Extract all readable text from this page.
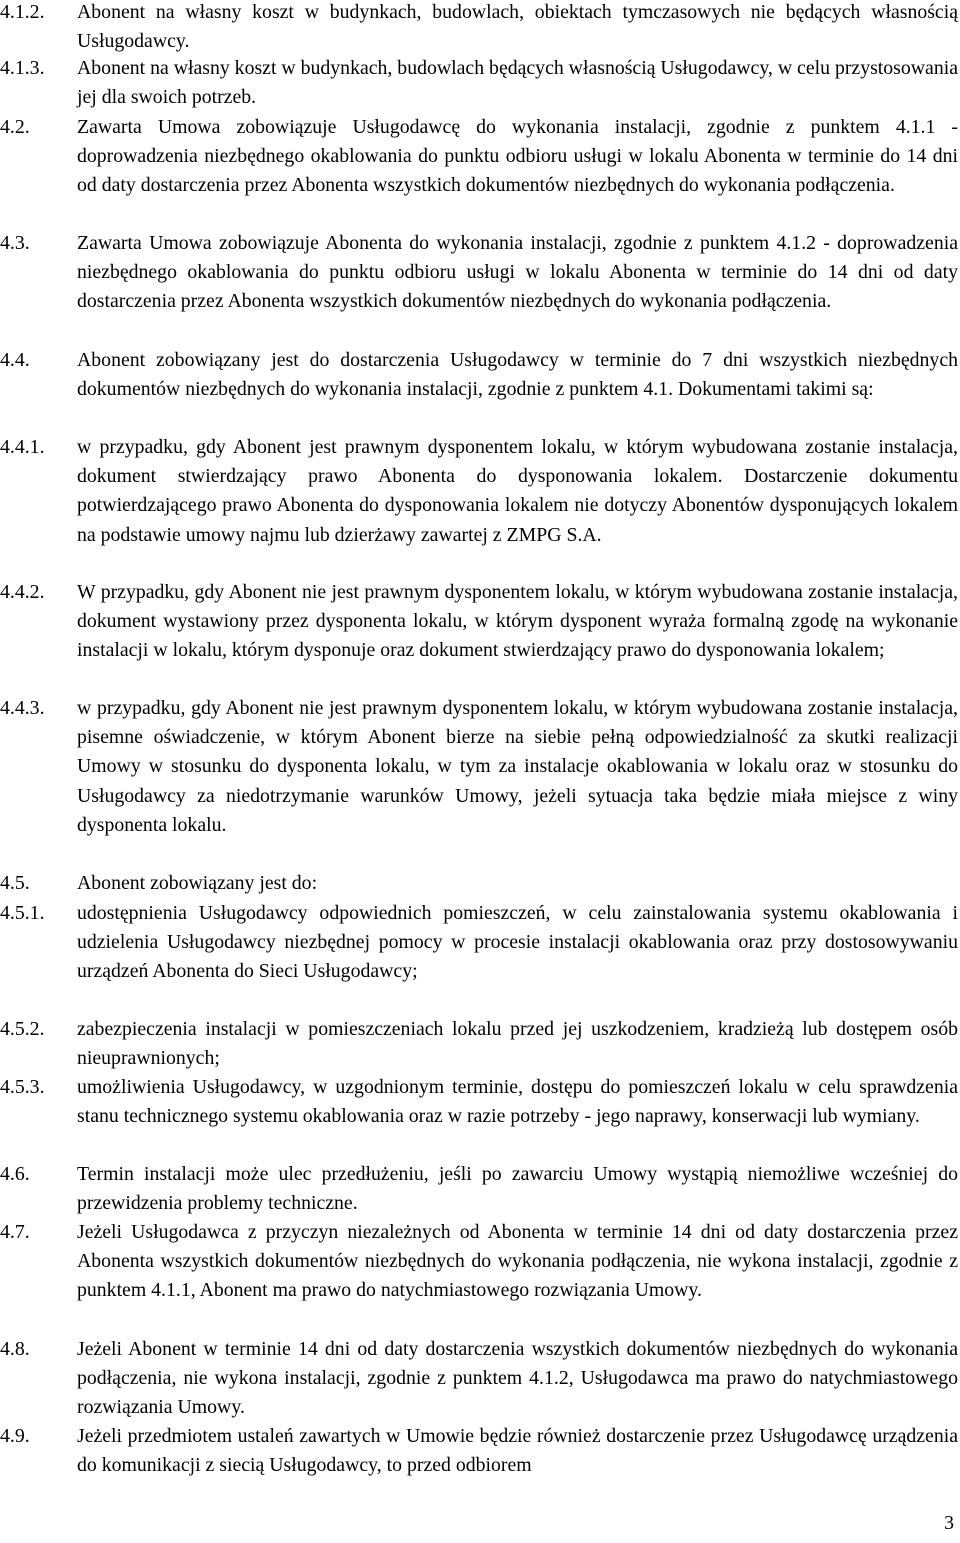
4.1.2. Abonent na własny koszt w budynkach, budowlach, obiektach tymczasowych nie będących własnością Usługodawcy.
4.1.3. Abonent na własny koszt w budynkach, budowlach będących własnością Usługodawcy, w celu przystosowania jej dla swoich potrzeb.
4.2. Zawarta Umowa zobowiązuje Usługodawcę do wykonania instalacji, zgodnie z punktem 4.1.1 - doprowadzenia niezbędnego okablowania do punktu odbioru usługi w lokalu Abonenta w terminie do 14 dni od daty dostarczenia przez Abonenta wszystkich dokumentów niezbędnych do wykonania podłączenia.
4.3. Zawarta Umowa zobowiązuje Abonenta do wykonania instalacji, zgodnie z punktem 4.1.2 - doprowadzenia niezbędnego okablowania do punktu odbioru usługi w lokalu Abonenta w terminie do 14 dni od daty dostarczenia przez Abonenta wszystkich dokumentów niezbędnych do wykonania podłączenia.
4.4. Abonent zobowiązany jest do dostarczenia Usługodawcy w terminie do 7 dni wszystkich niezbędnych dokumentów niezbędnych do wykonania instalacji, zgodnie z punktem 4.1. Dokumentami takimi są:
4.4.1. w przypadku, gdy Abonent jest prawnym dysponentem lokalu, w którym wybudowana zostanie instalacja, dokument stwierdzający prawo Abonenta do dysponowania lokalem. Dostarczenie dokumentu potwierdzającego prawo Abonenta do dysponowania lokalem nie dotyczy Abonentów dysponujących lokalem na podstawie umowy najmu lub dzierżawy zawartej z ZMPG S.A.
4.4.2. W przypadku, gdy Abonent nie jest prawnym dysponentem lokalu, w którym wybudowana zostanie instalacja, dokument wystawiony przez dysponenta lokalu, w którym dysponent wyraża formalną zgodę na wykonanie instalacji w lokalu, którym dysponuje oraz dokument stwierdzający prawo do dysponowania lokalem;
4.4.3. w przypadku, gdy Abonent nie jest prawnym dysponentem lokalu, w którym wybudowana zostanie instalacja, pisemne oświadczenie, w którym Abonent bierze na siebie pełną odpowiedzialność za skutki realizacji Umowy w stosunku do dysponenta lokalu, w tym za instalacje okablowania w lokalu oraz w stosunku do Usługodawcy za niedotrzymanie warunków Umowy, jeżeli sytuacja taka będzie miała miejsce z winy dysponenta lokalu.
4.5. Abonent zobowiązany jest do:
4.5.1. udostępnienia Usługodawcy odpowiednich pomieszczeń, w celu zainstalowania systemu okablowania i udzielenia Usługodawcy niezbędnej pomocy w procesie instalacji okablowania oraz przy dostosowywaniu urządzeń Abonenta do Sieci Usługodawcy;
4.5.2. zabezpieczenia instalacji w pomieszczeniach lokalu przed jej uszkodzeniem, kradzieżą lub dostępem osób nieuprawnionych;
4.5.3. umożliwienia Usługodawcy, w uzgodnionym terminie, dostępu do pomieszczeń lokalu w celu sprawdzenia stanu technicznego systemu okablowania oraz w razie potrzeby - jego naprawy, konserwacji lub wymiany.
4.6. Termin instalacji może ulec przedłużeniu, jeśli po zawarciu Umowy wystąpią niemożliwe wcześniej do przewidzenia problemy techniczne.
4.7. Jeżeli Usługodawca z przyczyn niezależnych od Abonenta w terminie 14 dni od daty dostarczenia przez Abonenta wszystkich dokumentów niezbędnych do wykonania podłączenia, nie wykona instalacji, zgodnie z punktem 4.1.1, Abonent ma prawo do natychmiastowego rozwiązania Umowy.
4.8. Jeżeli Abonent w terminie 14 dni od daty dostarczenia wszystkich dokumentów niezbędnych do wykonania podłączenia, nie wykona instalacji, zgodnie z punktem 4.1.2, Usługodawca ma prawo do natychmiastowego rozwiązania Umowy.
4.9. Jeżeli przedmiotem ustaleń zawartych w Umowie będzie również dostarczenie przez Usługodawcę urządzenia do komunikacji z siecią Usługodawcy, to przed odbiorem
3
